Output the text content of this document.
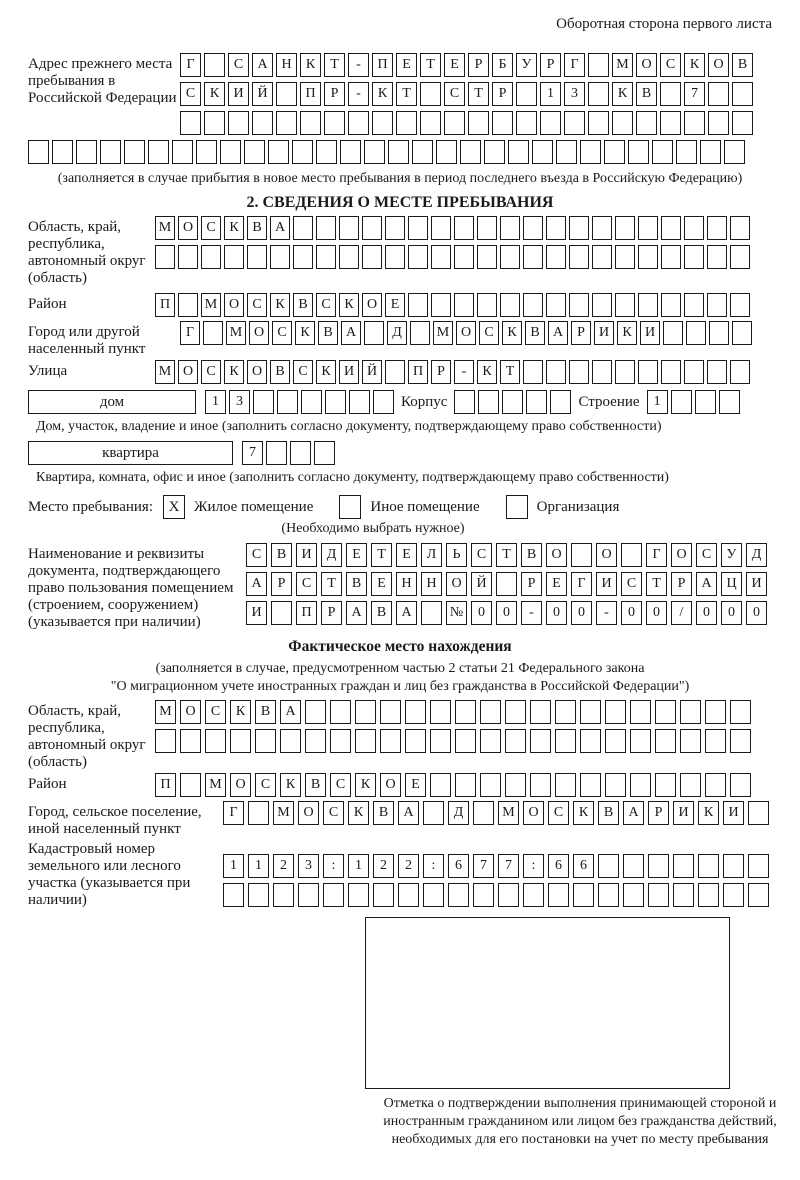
Оборотная сторона первого листа
Адрес прежнего места пребывания в Российской Федерации
Г	С	А Н	К	Т	-	П	Е	Т	Е	Р	Б	У	Р	Г	М О	С	К	О	В
С	К	И Й	П	Р	-	К	Т	С	Т	Р	1	3	К	В	7
(заполняется в случае прибытия в новое место пребывания в период последнего въезда в Российскую Федерацию)
2. СВЕДЕНИЯ О МЕСТЕ ПРЕБЫВАНИЯ
Область, край, республика, автономный округ (область)
М О С К В А
Район	П	М О С К В С К О Е
Город или другой населенный пункт
Г	М О С К В А	Д	М О С К В А	Р	И К И
Улица	М О С К О В С К И Й	П	Р	-	К	Т
дом	1	3	Корпус	Строение	1
Дом, участок, владение и иное (заполнить согласно документу, подтверждающему право собственности)
квартира	7
Квартира, комната, офис и иное (заполнить согласно документу, подтверждающему право собственности)
Место пребывания:	X Жилое помещение	Иное помещение	Организация
(Необходимо выбрать нужное)
Наименование и реквизиты документа, подтверждающего право пользования помещением (строением, сооружением) (указывается при наличии)
С	В	И	Д	Е	Т	Е	Л	Ь	С	Т	В	О	О	Г	О	С	У	Д
А	Р	С	Т	В	Е	Н	Н	О	Й	Р	Е	Г	И	С	Т	Р	А	Ц	И
И	П	Р	А	В	А	№	0	0	-	0	0	-	0	0	/	0	0	0
Фактическое место нахождения
(заполняется в случае, предусмотренном частью 2 статьи 21 Федерального закона
"О миграционном учете иностранных граждан и лиц без гражданства в Российской Федерации")
Область, край, республика, автономный округ (область)
М О	С	К	В	А
Район	П	М О	С	К	В	С	К	О	Е
Город, сельское поселение, иной населенный пункт
Г	М О	С	К	В	А	Д	М О	С	К	В	А	Р	И	К	И
Кадастровый номер земельного или лесного участка (указывается при наличии)
1	1	2	3	:	1	2	2	:	6	7	7	:	6	6
Отметка о подтверждении выполнения принимающей стороной и иностранным гражданином или лицом без гражданства действий, необходимых для его постановки на учет по месту пребывания
